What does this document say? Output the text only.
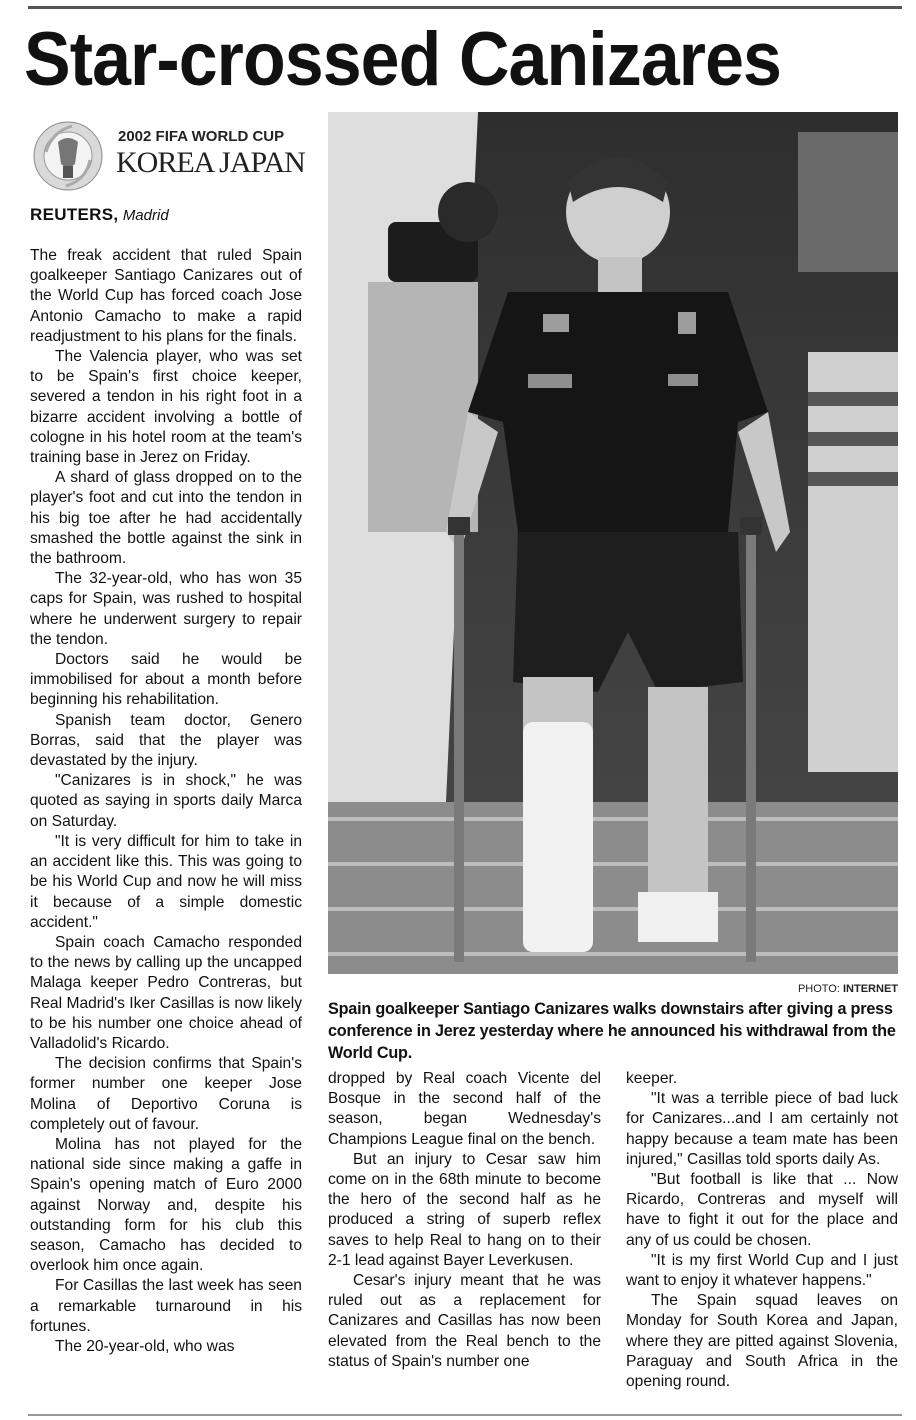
Star-crossed Canizares
2002 FIFA WORLD CUP
KOREA JAPAN
REUTERS, Madrid

The freak accident that ruled Spain goalkeeper Santiago Canizares out of the World Cup has forced coach Jose Antonio Camacho to make a rapid readjustment to his plans for the finals.

The Valencia player, who was set to be Spain's first choice keeper, severed a tendon in his right foot in a bizarre accident involving a bottle of cologne in his hotel room at the team's training base in Jerez on Friday.

A shard of glass dropped on to the player's foot and cut into the tendon in his big toe after he had accidentally smashed the bottle against the sink in the bathroom.

The 32-year-old, who has won 35 caps for Spain, was rushed to hospital where he underwent surgery to repair the tendon.

Doctors said he would be immobilised for about a month before beginning his rehabilitation.

Spanish team doctor, Genero Borras, said that the player was devastated by the injury.

"Canizares is in shock," he was quoted as saying in sports daily Marca on Saturday.

"It is very difficult for him to take in an accident like this. This was going to be his World Cup and now he will miss it because of a simple domestic accident."

Spain coach Camacho responded to the news by calling up the uncapped Malaga keeper Pedro Contreras, but Real Madrid's Iker Casillas is now likely to be his number one choice ahead of Valladolid's Ricardo.

The decision confirms that Spain's former number one keeper Jose Molina of Deportivo Coruna is completely out of favour.

Molina has not played for the national side since making a gaffe in Spain's opening match of Euro 2000 against Norway and, despite his outstanding form for his club this season, Camacho has decided to overlook him once again.

For Casillas the last week has seen a remarkable turnaround in his fortunes.

The 20-year-old, who was

PHOTO: INTERNET
Spain goalkeeper Santiago Canizares walks downstairs after giving a press conference in Jerez yesterday where he announced his withdrawal from the World Cup.

dropped by Real coach Vicente del Bosque in the second half of the season, began Wednesday's Champions League final on the bench.

But an injury to Cesar saw him come on in the 68th minute to become the hero of the second half as he produced a string of superb reflex saves to help Real to hang on to their 2-1 lead against Bayer Leverkusen.

Cesar's injury meant that he was ruled out as a replacement for Canizares and Casillas has now been elevated from the Real bench to the status of Spain's number one

keeper.

"It was a terrible piece of bad luck for Canizares...and I am certainly not happy because a team mate has been injured," Casillas told sports daily As.

"But football is like that ... Now Ricardo, Contreras and myself will have to fight it out for the place and any of us could be chosen.

"It is my first World Cup and I just want to enjoy it whatever happens."

The Spain squad leaves on Monday for South Korea and Japan, where they are pitted against Slovenia, Paraguay and South Africa in the opening round.
